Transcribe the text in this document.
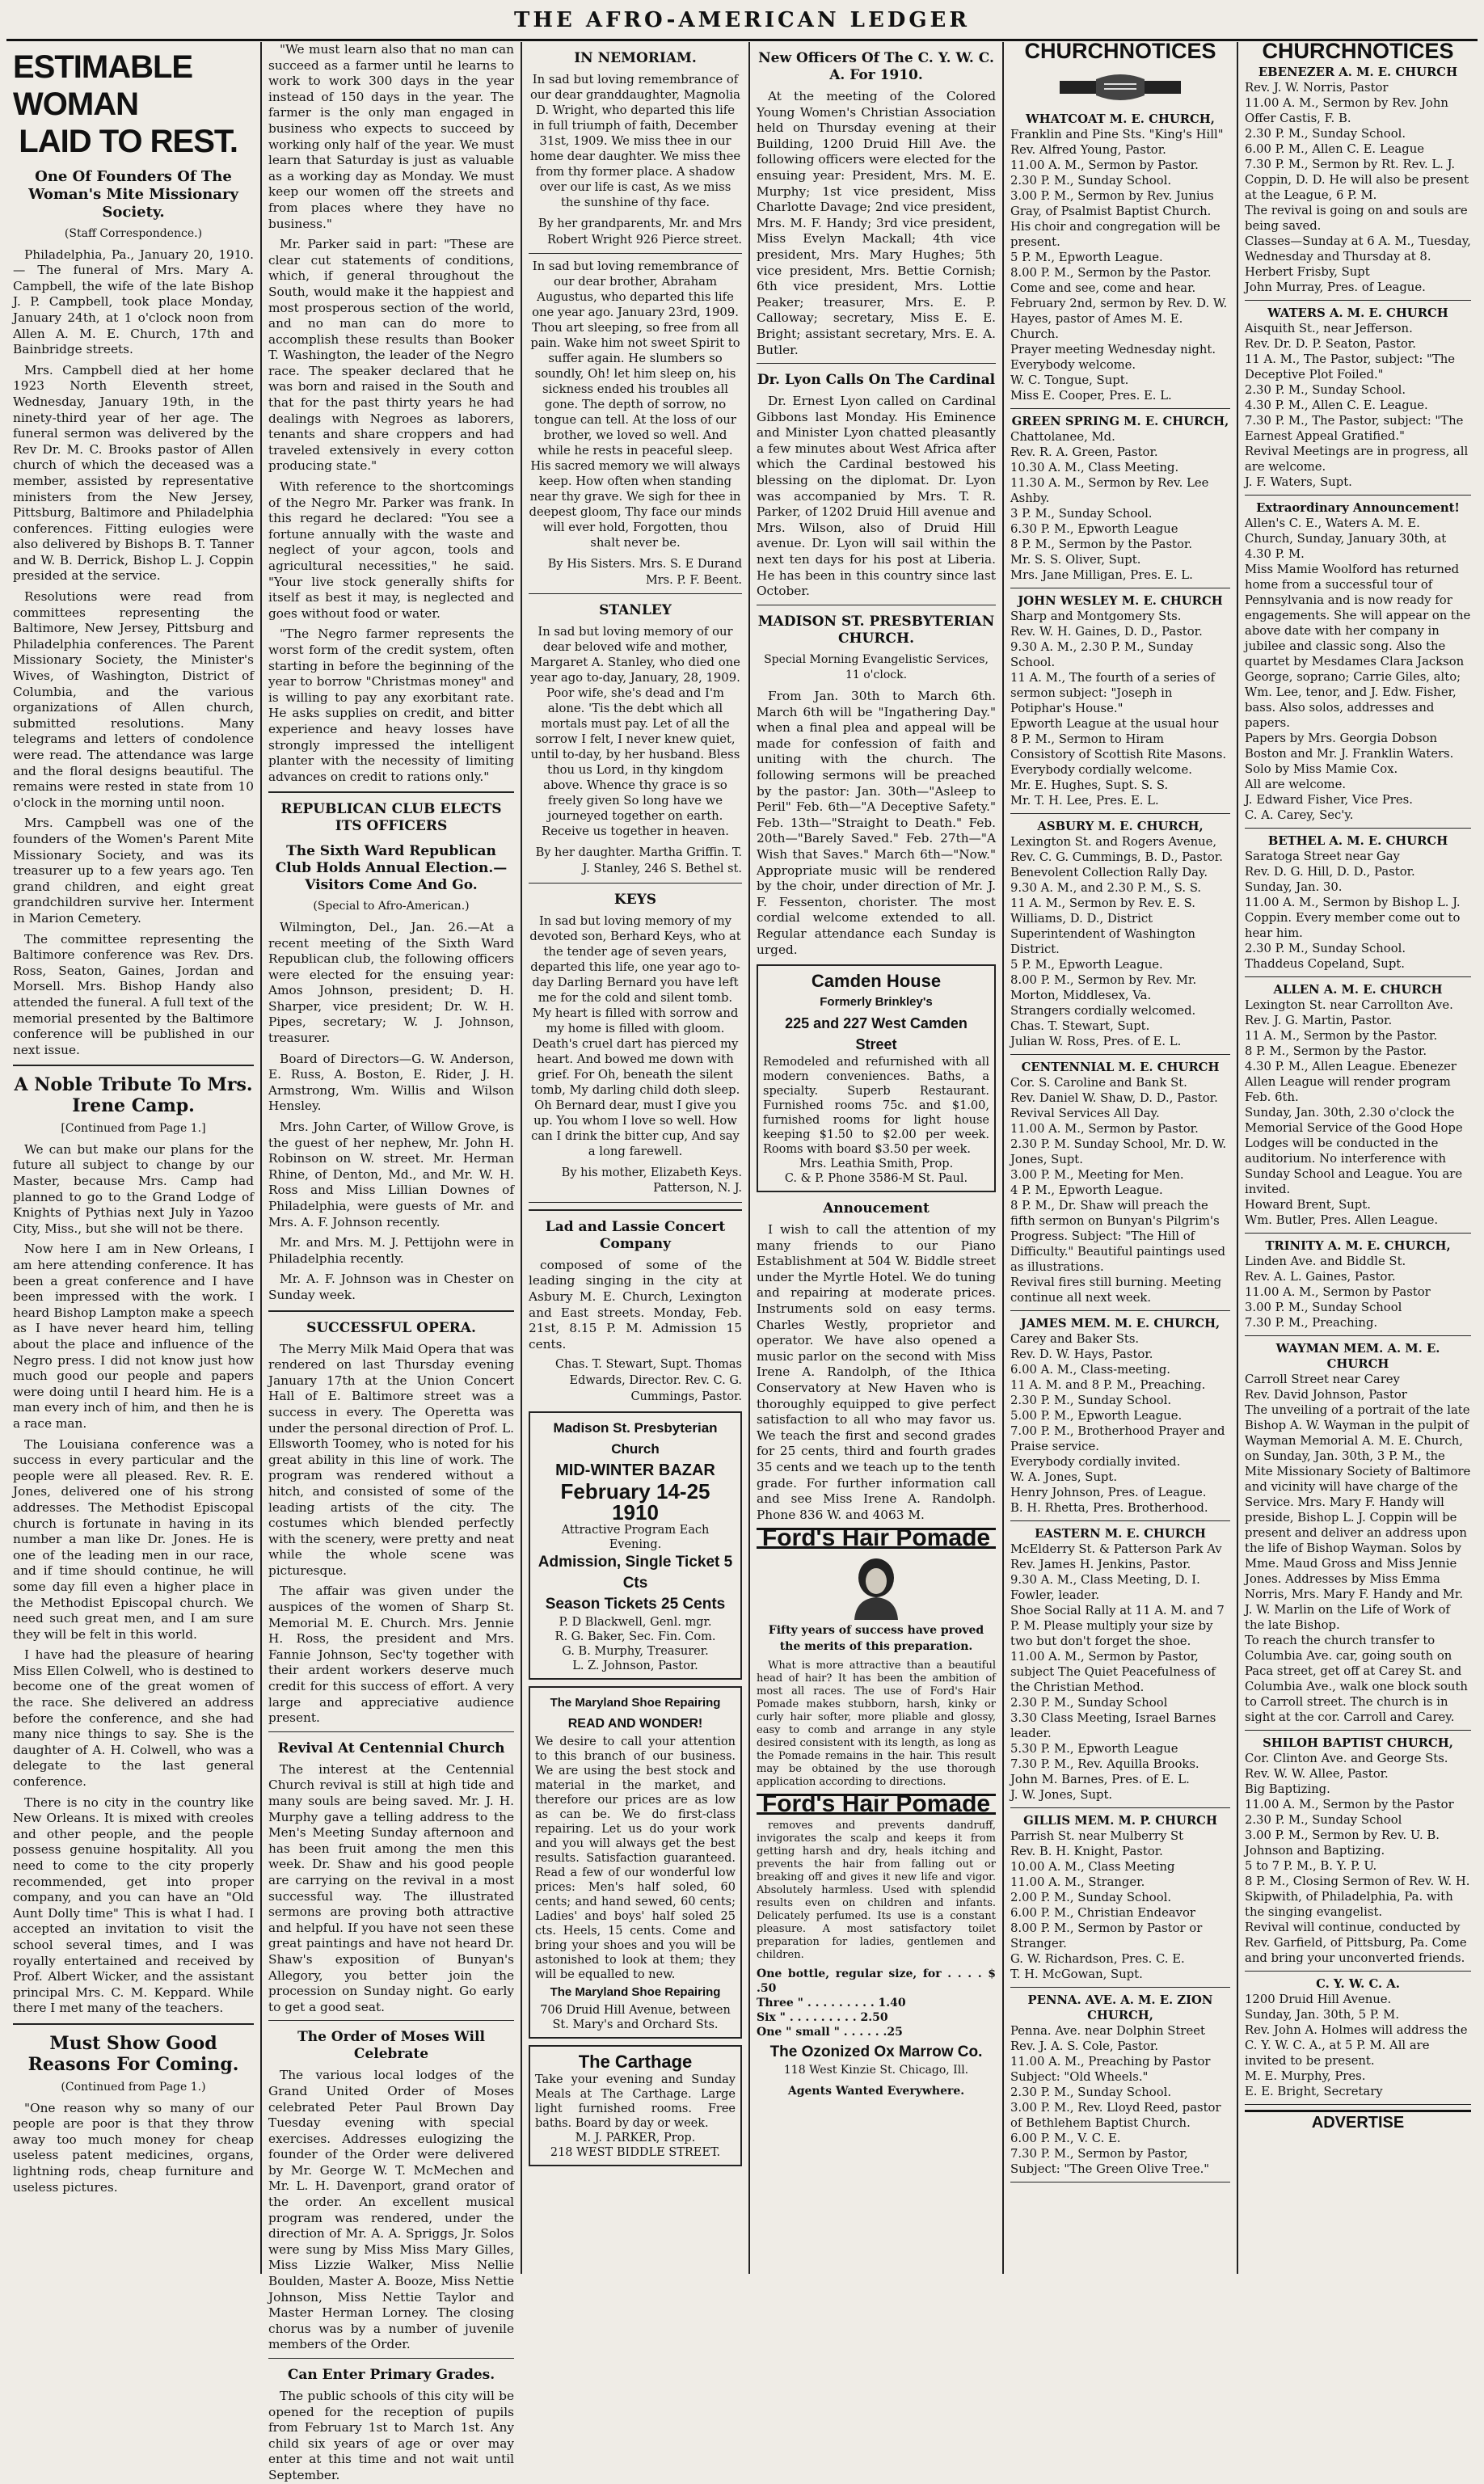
THE AFRO-AMERICAN LEDGER
ESTIMABLE WOMAN
LAID TO REST.
One Of Founders Of The Woman's Mite Missionary Society.
(Staff Correspondence.)

Philadelphia, Pa., January 20, 1910.— The funeral of Mrs. Mary A. Campbell, the wife of the late Bishop J. P. Campbell, took place Monday, January 24th, at 1 o'clock noon from Allen A. M. E. Church, 17th and Bainbridge streets.

Mrs. Campbell died at her home 1923 North Eleventh street, Wednesday, January 19th, in the ninety-third year of her age. The funeral sermon was delivered by the Rev Dr. M. C. Brooks pastor of Allen church of which the deceased was a member, assisted by representative ministers from the New Jersey, Pittsburg, Baltimore and Philadelphia conferences. Fitting eulogies were also delivered by Bishops B. T. Tanner and W. B. Derrick, Bishop L. J. Coppin presided at the service.

Resolutions were read from committees representing the Baltimore, New Jersey, Pittsburg and Philadelphia conferences. The Parent Missionary Society, the Minister's Wives, of Washington, District of Columbia, and the various organizations of Allen church, submitted resolutions. Many telegrams and letters of condolence were read. The attendance was large and the floral designs beautiful. The remains were rested in state from 10 o'clock in the morning until noon.

Mrs. Campbell was one of the founders of the Women's Parent Mite Missionary Society, and was its treasurer up to a few years ago. Ten grand children, and eight great grandchildren survive her. Interment in Marion Cemetery.

The committee representing the Baltimore conference was Rev. Drs. Ross, Seaton, Gaines, Jordan and Morsell. Mrs. Bishop Handy also attended the funeral. A full text of the memorial presented by the Baltimore conference will be published in our next issue.

A Noble Tribute To Mrs. Irene Camp.
[Continued from Page 1.]

We can but make our plans for the future all subject to change by our Master, because Mrs. Camp had planned to go to the Grand Lodge of Knights of Pythias next July in Yazoo City, Miss., but she will not be there.

Now here I am in New Orleans, I am here attending conference. It has been a great conference and I have been impressed with the work. I heard Bishop Lampton make a speech as I have never heard him, telling about the place and influence of the Negro press. I did not know just how much good our people and papers were doing until I heard him. He is a man every inch of him, and then he is a race man.

The Louisiana conference was a success in every particular and the people were all pleased. Rev. R. E. Jones, delivered one of his strong addresses. The Methodist Episcopal church is fortunate in having in its number a man like Dr. Jones. He is one of the leading men in our race, and if time should continue, he will some day fill even a higher place in the Methodist Episcopal church. We need such great men, and I am sure they will be felt in this world.

I have had the pleasure of hearing Miss Ellen Colwell, who is destined to become one of the great women of the race. She delivered an address before the conference, and she had many nice things to say. She is the daughter of A. H. Colwell, who was a delegate to the last general conference.

There is no city in the country like New Orleans. It is mixed with creoles and other people, and the people possess genuine hospitality. All you need to come to the city properly recommended, get into proper company, and you can have an "Old Aunt Dolly time" This is what I had. I accepted an invitation to visit the school several times, and I was royally entertained and received by Prof. Albert Wicker, and the assistant principal Mrs. C. M. Keppard. While there I met many of the teachers.

Must Show Good Reasons For Coming.
(Continued from Page 1.)

"One reason why so many of our people are poor is that they throw away too much money for cheap useless patent medicines, organs, lightning rods, cheap furniture and useless pictures.

"We must learn also that no man can succeed as a farmer until he learns to work to work 300 days in the year instead of 150 days in the year. The farmer is the only man engaged in business who expects to succeed by working only half of the year. We must learn that Saturday is just as valuable as a working day as Monday. We must keep our women off the streets and from places where they have no business."

Mr. Parker said in part: "These are clear cut statements of conditions, which, if general throughout the South, would make it the happiest and most prosperous section of the world, and no man can do more to accomplish these results than Booker T. Washington, the leader of the Negro race. The speaker declared that he was born and raised in the South and that for the past thirty years he had dealings with Negroes as laborers, tenants and share croppers and had traveled extensively in every cotton producing state."

With reference to the shortcomings of the Negro Mr. Parker was frank. In this regard he declared: "You see a fortune annually with the waste and neglect of your agcon, tools and agricultural necessities," he said. "Your live stock generally shifts for itself as best it may, is neglected and goes without food or water.

"The Negro farmer represents the worst form of the credit system, often starting in before the beginning of the year to borrow "Christmas money" and is willing to pay any exorbitant rate. He asks supplies on credit, and bitter experience and heavy losses have strongly impressed the intelligent planter with the necessity of limiting advances on credit to rations only."

REPUBLICAN CLUB ELECTS ITS OFFICERS
The Sixth Ward Republican Club Holds Annual Election.—Visitors Come And Go.
(Special to Afro-American.)

Wilmington, Del., Jan. 26.—At a recent meeting of the Sixth Ward Republican club, the following officers were elected for the ensuing year: Amos Johnson, president; D. H. Sharper, vice president; Dr. W. H. Pipes, secretary; W. J. Johnson, treasurer.

Board of Directors—G. W. Anderson, E. Russ, A. Boston, E. Rider, J. H. Armstrong, Wm. Willis and Wilson Hensley.

Mrs. John Carter, of Willow Grove, is the guest of her nephew, Mr. John H. Robinson on W. street. Mr. Herman Rhine, of Denton, Md., and Mr. W. H. Ross and Miss Lillian Downes of Philadelphia, were guests of Mr. and Mrs. A. F. Johnson recently.

Mr. and Mrs. M. J. Pettijohn were in Philadelphia recently.

Mr. A. F. Johnson was in Chester on Sunday week.

SUCCESSFUL OPERA.

The Merry Milk Maid Opera that was rendered on last Thursday evening January 17th at the Union Concert Hall of E. Baltimore street was a success in every. The Operetta was under the personal direction of Prof. L. Ellsworth Toomey, who is noted for his great ability in this line of work. The program was rendered without a hitch, and consisted of some of the leading artists of the city. The costumes which blended perfectly with the scenery, were pretty and neat while the whole scene was picturesque.

The affair was given under the auspices of the women of Sharp St. Memorial M. E. Church. Mrs. Jennie H. Ross, the president and Mrs. Fannie Johnson, Sec'ty together with their ardent workers deserve much credit for this success of effort. A very large and appreciative audience present.

Revival At Centennial Church

The interest at the Centennial Church revival is still at high tide and many souls are being saved. Mr. J. H. Murphy gave a telling address to the Men's Meeting Sunday afternoon and has been fruit among the men this week. Dr. Shaw and his good people are carrying on the revival in a most successful way. The illustrated sermons are proving both attractive and helpful. If you have not seen these great paintings and have not heard Dr. Shaw's exposition of Bunyan's Allegory, you better join the procession on Sunday night. Go early to get a good seat.

The Order of Moses Will Celebrate

The various local lodges of the Grand United Order of Moses celebrated Peter Paul Brown Day Tuesday evening with special exercises. Addresses eulogizing the founder of the Order were delivered by Mr. George W. T. McMechen and Mr. L. H. Davenport, grand orator of the order. An excellent musical program was rendered, under the direction of Mr. A. A. Spriggs, Jr. Solos were sung by Miss Miss Mary Gilles, Miss Lizzie Walker, Miss Nellie Boulden, Master A. Booze, Miss Nettie Johnson, Miss Nettie Taylor and Master Herman Lorney. The closing chorus was by a number of juvenile members of the Order.

Can Enter Primary Grades.

The public schools of this city will be opened for the reception of pupils from February 1st to March 1st. Any child six years of age or over may enter at this time and not wait until September.

IN NEMORIAM.

In sad but loving remembrance of our dear granddaughter, Magnolia D. Wright, who departed this life in full triumph of faith, December 31st, 1909. We miss thee in our home dear daughter. We miss thee from thy former place. A shadow over our life is cast, As we miss the sunshine of thy face.

By her grandparents, Mr. and Mrs Robert Wright 926 Pierce street.

In sad but loving remembrance of our dear brother, Abraham Augustus, who departed this life one year ago. January 23rd, 1909. Thou art sleeping, so free from all pain. Wake him not sweet Spirit to suffer again. He slumbers so soundly, Oh! let him sleep on, his sickness ended his troubles all gone. The depth of sorrow, no tongue can tell. At the loss of our brother, we loved so well. And while he rests in peaceful sleep. His sacred memory we will always keep. How often when standing near thy grave. We sigh for thee in deepest gloom, Thy face our minds will ever hold, Forgotten, thou shalt never be.

By His Sisters. Mrs. S. E Durand Mrs. P. F. Beent.

STANLEY

In sad but loving memory of our dear beloved wife and mother, Margaret A. Stanley, who died one year ago to-day, January, 28, 1909. Poor wife, she's dead and I'm alone. 'Tis the debt which all mortals must pay. Let of all the sorrow I felt, I never knew quiet, until to-day, by her husband. Bless thou us Lord, in thy kingdom above. Whence thy grace is so freely given So long have we journeyed together on earth. Receive us together in heaven.

By her daughter. Martha Griffin. T. J. Stanley, 246 S. Bethel st.

KEYS

In sad but loving memory of my devoted son, Berhard Keys, who at the tender age of seven years, departed this life, one year ago to-day Darling Bernard you have left me for the cold and silent tomb. My heart is filled with sorrow and my home is filled with gloom. Death's cruel dart has pierced my heart. And bowed me down with grief. For Oh, beneath the silent tomb, My darling child doth sleep. Oh Bernard dear, must I give you up. You whom I love so well. How can I drink the bitter cup, And say a long farewell.

By his mother, Elizabeth Keys. Patterson, N. J.

Lad and Lassie Concert Company

composed of some of the leading singing in the city at Asbury M. E. Church, Lexington and East streets. Monday, Feb. 21st, 8.15 P. M. Admission 15 cents.

Chas. T. Stewart, Supt. Thomas Edwards, Director. Rev. C. G. Cummings, Pastor.

Madison St. Presbyterian Church
MID-WINTER BAZAR
February 14-25 1910
Attractive Program Each Evening.
Admission, Single Ticket 5 Cts
Season Tickets 25 Cents
P. D Blackwell, Genl. mgr.
R. G. Baker, Sec. Fin. Com.
G. B. Murphy, Treasurer.
L. Z. Johnson, Pastor.
The Maryland Shoe Repairing
READ AND WONDER!
We desire to call your attention to this branch of our business. We are using the best stock and material in the market, and therefore our prices are as low as can be. We do first-class repairing. Let us do your work and you will always get the best results. Satisfaction guaranteed. Read a few of our wonderful low prices: Men's half soled, 60 cents; and hand sewed, 60 cents; Ladies' and boys' half soled 25 cts. Heels, 15 cents. Come and bring your shoes and you will be astonished to look at them; they will be equalled to new.
The Maryland Shoe Repairing
706 Druid Hill Avenue, between St. Mary's and Orchard Sts.
The Carthage
Take your evening and Sunday Meals at The Carthage. Large light furnished rooms. Free baths. Board by day or week.
M. J. PARKER, Prop.
218 WEST BIDDLE STREET.
New Officers Of The C. Y. W. C. A. For 1910.

At the meeting of the Colored Young Women's Christian Association held on Thursday evening at their Building, 1200 Druid Hill Ave. the following officers were elected for the ensuing year: President, Mrs. M. E. Murphy; 1st vice president, Miss Charlotte Davage; 2nd vice president, Mrs. M. F. Handy; 3rd vice president, Miss Evelyn Mackall; 4th vice president, Mrs. Mary Hughes; 5th vice president, Mrs. Bettie Cornish; 6th vice president, Mrs. Lottie Peaker; treasurer, Mrs. E. P. Calloway; secretary, Miss E. E. Bright; assistant secretary, Mrs. E. A. Butler.

Dr. Lyon Calls On The Cardinal

Dr. Ernest Lyon called on Cardinal Gibbons last Monday. His Eminence and Minister Lyon chatted pleasantly a few minutes about West Africa after which the Cardinal bestowed his blessing on the diplomat. Dr. Lyon was accompanied by Mrs. T. R. Parker, of 1202 Druid Hill avenue and Mrs. Wilson, also of Druid Hill avenue. Dr. Lyon will sail within the next ten days for his post at Liberia. He has been in this country since last October.

MADISON ST. PRESBYTERIAN CHURCH.
Special Morning Evangelistic Services, 11 o'clock.

From Jan. 30th to March 6th. March 6th will be "Ingathering Day." when a final plea and appeal will be made for confession of faith and uniting with the church. The following sermons will be preached by the pastor: Jan. 30th—"Asleep to Peril" Feb. 6th—"A Deceptive Safety." Feb. 13th—"Straight to Death." Feb. 20th—"Barely Saved." Feb. 27th—"A Wish that Saves." March 6th—"Now." Appropriate music will be rendered by the choir, under direction of Mr. J. F. Fessenton, chorister. The most cordial welcome extended to all. Regular attendance each Sunday is urged.

Camden House
Formerly Brinkley's
225 and 227 West Camden Street
Remodeled and refurnished with all modern conveniences. Baths, a specialty. Superb Restaurant. Furnished rooms 75c. and $1.00, furnished rooms for light house keeping $1.50 to $2.00 per week. Rooms with board $3.50 per week.
Mrs. Leathia Smith, Prop.
C. & P. Phone 3586-M St. Paul.
Annoucement

I wish to call the attention of my many friends to our Piano Establishment at 504 W. Biddle street under the Myrtle Hotel. We do tuning and repairing at moderate prices. Instruments sold on easy terms. Charles Westly, proprietor and operator. We have also opened a music parlor on the second with Miss Irene A. Randolph, of the Ithica Conservatory at New Haven who is thoroughly equipped to give perfect satisfaction to all who may favor us. We teach the first and second grades for 25 cents, third and fourth grades 35 cents and we teach up to the tenth grade. For further information call and see Miss Irene A. Randolph. Phone 836 W. and 4063 M.

Ford's Hair Pomade
Fifty years of success have proved the merits of this preparation.

What is more attractive than a beautiful head of hair? It has been the ambition of most all races. The use of Ford's Hair Pomade makes stubborn, harsh, kinky or curly hair softer, more pliable and glossy, easy to comb and arrange in any style desired consistent with its length, as long as the Pomade remains in the hair. This result may be obtained by the use thorough application according to directions.

Ford's Hair Pomade

removes and prevents dandruff, invigorates the scalp and keeps it from getting harsh and dry, heals itching and prevents the hair from falling out or breaking off and gives it new life and vigor. Absolutely harmless. Used with splendid results even on children and infants. Delicately perfumed. Its use is a constant pleasure. A most satisfactory toilet preparation for ladies, gentlemen and children.

One bottle, regular size, for . . . . $ .50
Three " . . . . . . . . . 1.40
Six " . . . . . . . . . 2.50
One " small " . . . . . .25
The Ozonized Ox Marrow Co.
118 West Kinzie St. Chicago, Ill.
Agents Wanted Everywhere.
CHURCHNOTICES
WHATCOAT M. E. CHURCH,
Franklin and Pine Sts. "King's Hill"
Rev. Alfred Young, Pastor.
11.00 A. M., Sermon by Pastor.
2.30 P. M., Sunday School.
3.00 P. M., Sermon by Rev. Junius Gray, of Psalmist Baptist Church. His choir and congregation will be present.
5 P. M., Epworth League.
8.00 P. M., Sermon by the Pastor. Come and see, come and hear. February 2nd, sermon by Rev. D. W. Hayes, pastor of Ames M. E. Church.
Prayer meeting Wednesday night. Everybody welcome.
W. C. Tongue, Supt.
Miss E. Cooper, Pres. E. L.
GREEN SPRING M. E. CHURCH,
Chattolanee, Md.
Rev. R. A. Green, Pastor.
10.30 A. M., Class Meeting.
11.30 A. M., Sermon by Rev. Lee Ashby.
3 P. M., Sunday School.
6.30 P. M., Epworth League
8 P. M., Sermon by the Pastor.
Mr. S. S. Oliver, Supt.
Mrs. Jane Milligan, Pres. E. L.
JOHN WESLEY M. E. CHURCH
Sharp and Montgomery Sts.
Rev. W. H. Gaines, D. D., Pastor.
9.30 A. M., 2.30 P. M., Sunday School.
11 A. M., The fourth of a series of sermon subject: "Joseph in Potiphar's House."
Epworth League at the usual hour
8 P. M., Sermon to Hiram Consistory of Scottish Rite Masons.
Everybody cordially welcome.
Mr. E. Hughes, Supt. S. S.
Mr. T. H. Lee, Pres. E. L.
ASBURY M. E. CHURCH,
Lexington St. and Rogers Avenue,
Rev. C. G. Cummings, B. D., Pastor.
Benevolent Collection Rally Day.
9.30 A. M., and 2.30 P. M., S. S.
11 A. M., Sermon by Rev. E. S. Williams, D. D., District Superintendent of Washington District.
5 P. M., Epworth League.
8.00 P. M., Sermon by Rev. Mr. Morton, Middlesex, Va.
Strangers cordially welcomed.
Chas. T. Stewart, Supt.
Julian W. Ross, Pres. of E. L.
CENTENNIAL M. E. CHURCH
Cor. S. Caroline and Bank St.
Rev. Daniel W. Shaw, D. D., Pastor.
Revival Services All Day.
11.00 A. M., Sermon by Pastor.
2.30 P. M. Sunday School, Mr. D. W. Jones, Supt.
3.00 P. M., Meeting for Men.
4 P. M., Epworth League.
8 P. M., Dr. Shaw will preach the fifth sermon on Bunyan's Pilgrim's Progress. Subject: "The Hill of Difficulty." Beautiful paintings used as illustrations.
Revival fires still burning. Meeting continue all next week.
JAMES MEM. M. E. CHURCH,
Carey and Baker Sts.
Rev. D. W. Hays, Pastor.
6.00 A. M., Class-meeting.
11 A. M. and 8 P. M., Preaching.
2.30 P. M., Sunday School.
5.00 P. M., Epworth League.
7.00 P. M., Brotherhood Prayer and Praise service.
Everybody cordially invited.
W. A. Jones, Supt.
Henry Johnson, Pres. of League.
B. H. Rhetta, Pres. Brotherhood.
EASTERN M. E. CHURCH
McElderry St. & Patterson Park Av
Rev. James H. Jenkins, Pastor.
9.30 A. M., Class Meeting, D. I. Fowler, leader.
Shoe Social Rally at 11 A. M. and 7 P. M. Please multiply your size by two but don't forget the shoe.
11.00 A. M., Sermon by Pastor, subject The Quiet Peacefulness of the Christian Method.
2.30 P. M., Sunday School
3.30 Class Meeting, Israel Barnes leader.
5.30 P. M., Epworth League
7.30 P. M., Rev. Aquilla Brooks.
John M. Barnes, Pres. of E. L.
J. W. Jones, Supt.
GILLIS MEM. M. P. CHURCH
Parrish St. near Mulberry St
Rev. B. H. Knight, Pastor.
10.00 A. M., Class Meeting
11.00 A. M., Stranger.
2.00 P. M., Sunday School.
6.00 P. M., Christian Endeavor
8.00 P. M., Sermon by Pastor or Stranger.
G. W. Richardson, Pres. C. E.
T. H. McGowan, Supt.
PENNA. AVE. A. M. E. ZION CHURCH,
Penna. Ave. near Dolphin Street
Rev. J. A. S. Cole, Pastor.
11.00 A. M., Preaching by Pastor
Subject: "Old Wheels."
2.30 P. M., Sunday School.
3.00 P. M., Rev. Lloyd Reed, pastor of Bethlehem Baptist Church.
6.00 P. M., V. C. E.
7.30 P. M., Sermon by Pastor, Subject: "The Green Olive Tree."
CHURCHNOTICES
EBENEZER A. M. E. CHURCH
Rev. J. W. Norris, Pastor
11.00 A. M., Sermon by Rev. John Offer Castis, F. B.
2.30 P. M., Sunday School.
6.00 P. M., Allen C. E. League
7.30 P. M., Sermon by Rt. Rev. L. J. Coppin, D. D. He will also be present at the League, 6 P. M.
The revival is going on and souls are being saved.
Classes—Sunday at 6 A. M., Tuesday, Wednesday and Thursday at 8.
Herbert Frisby, Supt
John Murray, Pres. of League.
WATERS A. M. E. CHURCH
Aisquith St., near Jefferson.
Rev. Dr. D. P. Seaton, Pastor.
11 A. M., The Pastor, subject: "The Deceptive Plot Foiled."
2.30 P. M., Sunday School.
4.30 P. M., Allen C. E. League.
7.30 P. M., The Pastor, subject: "The Earnest Appeal Gratified."
Revival Meetings are in progress, all are welcome.
J. F. Waters, Supt.
Extraordinary Announcement!
Allen's C. E., Waters A. M. E. Church, Sunday, January 30th, at 4.30 P. M.
Miss Mamie Woolford has returned home from a successful tour of Pennsylvania and is now ready for engagements. She will appear on the above date with her company in jubilee and classic song. Also the quartet by Mesdames Clara Jackson George, soprano; Carrie Giles, alto; Wm. Lee, tenor, and J. Edw. Fisher, bass. Also solos, addresses and papers.
Papers by Mrs. Georgia Dobson Boston and Mr. J. Franklin Waters. Solo by Miss Mamie Cox.
All are welcome.
J. Edward Fisher, Vice Pres.
C. A. Carey, Sec'y.
BETHEL A. M. E. CHURCH
Saratoga Street near Gay
Rev. D. G. Hill, D. D., Pastor.
Sunday, Jan. 30.
11.00 A. M., Sermon by Bishop L. J. Coppin. Every member come out to hear him.
2.30 P. M., Sunday School.
Thaddeus Copeland, Supt.
ALLEN A. M. E. CHURCH
Lexington St. near Carrollton Ave.
Rev. J. G. Martin, Pastor.
11 A. M., Sermon by the Pastor.
8 P. M., Sermon by the Pastor.
4.30 P. M., Allen League. Ebenezer Allen League will render program Feb. 6th.
Sunday, Jan. 30th, 2.30 o'clock the Memorial Service of the Good Hope Lodges will be conducted in the auditorium. No interference with Sunday School and League. You are invited.
Howard Brent, Supt.
Wm. Butler, Pres. Allen League.
TRINITY A. M. E. CHURCH,
Linden Ave. and Biddle St.
Rev. A. L. Gaines, Pastor.
11.00 A. M., Sermon by Pastor
3.00 P. M., Sunday School
7.30 P. M., Preaching.
WAYMAN MEM. A. M. E. CHURCH
Carroll Street near Carey
Rev. David Johnson, Pastor
The unveiling of a portrait of the late Bishop A. W. Wayman in the pulpit of Wayman Memorial A. M. E. Church, on Sunday, Jan. 30th, 3 P. M., the Mite Missionary Society of Baltimore and vicinity will have charge of the Service. Mrs. Mary F. Handy will preside, Bishop L. J. Coppin will be present and deliver an address upon the life of Bishop Wayman. Solos by Mme. Maud Gross and Miss Jennie Jones. Addresses by Miss Emma Norris, Mrs. Mary F. Handy and Mr. J. W. Marlin on the Life of Work of the late Bishop.
To reach the church transfer to Columbia Ave. car, going south on Paca street, get off at Carey St. and Columbia Ave., walk one block south to Carroll street. The church is in sight at the cor. Carroll and Carey.
SHILOH BAPTIST CHURCH,
Cor. Clinton Ave. and George Sts.
Rev. W. W. Allee, Pastor.
Big Baptizing.
11.00 A. M., Sermon by the Pastor
2.30 P. M., Sunday School
3.00 P. M., Sermon by Rev. U. B. Johnson and Baptizing.
5 to 7 P. M., B. Y. P. U.
8 P. M., Closing Sermon of Rev. W. H. Skipwith, of Philadelphia, Pa. with the singing evangelist.
Revival will continue, conducted by Rev. Garfield, of Pittsburg, Pa. Come and bring your unconverted friends.
C. Y. W. C. A.
1200 Druid Hill Avenue.
Sunday, Jan. 30th, 5 P. M.
Rev. John A. Holmes will address the C. Y. W. C. A., at 5 P. M. All are invited to be present.
M. E. Murphy, Pres.
E. E. Bright, Secretary
ADVERTISE
